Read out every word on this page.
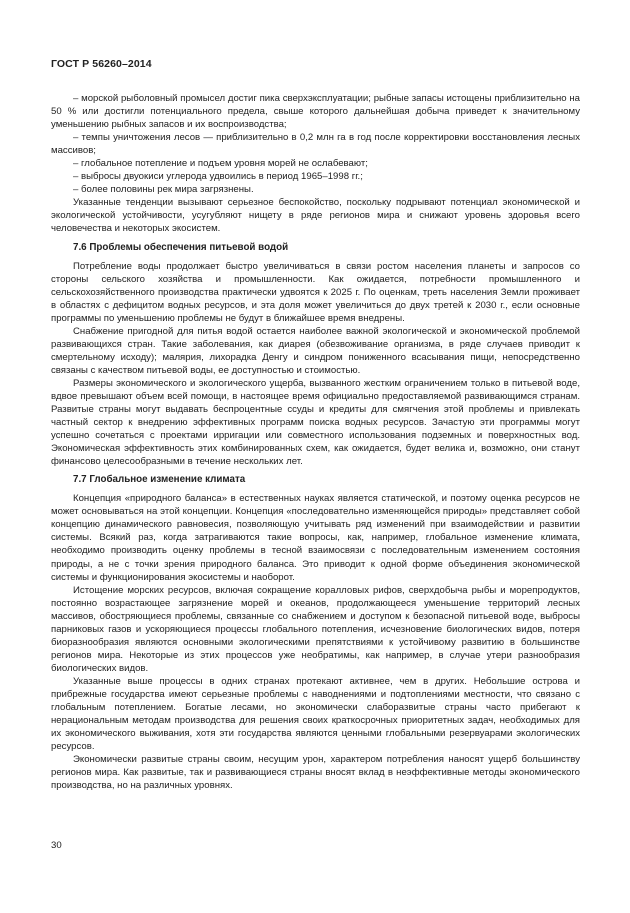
ГОСТ Р 56260–2014

– морской рыболовный промысел достиг пика сверхэксплуатации; рыбные запасы истощены приблизительно на 50 % или достигли потенциального предела, свыше которого дальнейшая добыча приведет к значительному уменьшению рыбных запасов и их воспроизводства;

– темпы уничтожения лесов — приблизительно в 0,2 млн га в год после корректировки восстановления лесных массивов;

– глобальное потепление и подъем уровня морей не ослабевают;

– выбросы двуокиси углерода удвоились в период 1965–1998 гг.;

– более половины рек мира загрязнены.

Указанные тенденции вызывают серьезное беспокойство, поскольку подрывают потенциал экономической и экологической устойчивости, усугубляют нищету в ряде регионов мира и снижают уровень здоровья всего человечества и некоторых экосистем.

7.6 Проблемы обеспечения питьевой водой

Потребление воды продолжает быстро увеличиваться в связи ростом населения планеты и запросов со стороны сельского хозяйства и промышленности. Как ожидается, потребности промышленного и сельскохозяйственного производства практически удвоятся к 2025 г. По оценкам, треть населения Земли проживает в областях с дефицитом водных ресурсов, и эта доля может увеличиться до двух третей к 2030 г., если основные программы по уменьшению проблемы не будут в ближайшее время внедрены.

Снабжение пригодной для питья водой остается наиболее важной экологической и экономической проблемой развивающихся стран. Такие заболевания, как диарея (обезвоживание организма, в ряде случаев приводит к смертельному исходу); малярия, лихорадка Денгу и синдром пониженного всасывания пищи, непосредственно связаны с качеством питьевой воды, ее доступностью и стоимостью.

Размеры экономического и экологического ущерба, вызванного жестким ограничением только в питьевой воде, вдвое превышают объем всей помощи, в настоящее время официально предоставляемой развивающимся странам. Развитые страны могут выдавать беспроцентные ссуды и кредиты для смягчения этой проблемы и привлекать частный сектор к внедрению эффективных программ поиска водных ресурсов. Зачастую эти программы могут успешно сочетаться с проектами ирригации или совместного использования подземных и поверхностных вод. Экономическая эффективность этих комбинированных схем, как ожидается, будет велика и, возможно, они станут финансово целесообразными в течение нескольких лет.

7.7 Глобальное изменение климата

Концепция «природного баланса» в естественных науках является статической, и поэтому оценка ресурсов не может основываться на этой концепции. Концепция «последовательно изменяющейся природы» представляет собой концепцию динамического равновесия, позволяющую учитывать ряд изменений при взаимодействии и развитии системы. Всякий раз, когда затрагиваются такие вопросы, как, например, глобальное изменение климата, необходимо производить оценку проблемы в тесной взаимосвязи с последовательным изменением состояния природы, а не с точки зрения природного баланса. Это приводит к одной форме объединения экономической системы и функционирования экосистемы и наоборот.

Истощение морских ресурсов, включая сокращение коралловых рифов, сверхдобыча рыбы и морепродуктов, постоянно возрастающее загрязнение морей и океанов, продолжающееся уменьшение территорий лесных массивов, обостряющиеся проблемы, связанные со снабжением и доступом к безопасной питьевой воде, выбросы парниковых газов и ускоряющиеся процессы глобального потепления, исчезновение биологических видов, потеря биоразнообразия являются основными экологическими препятствиями к устойчивому развитию в большинстве регионов мира. Некоторые из этих процессов уже необратимы, как например, в случае утери разнообразия биологических видов.

Указанные выше процессы в одних странах протекают активнее, чем в других. Небольшие острова и прибрежные государства имеют серьезные проблемы с наводнениями и подтоплениями местности, что связано с глобальным потеплением. Богатые лесами, но экономически слаборазвитые страны часто прибегают к нерациональным методам производства для решения своих краткосрочных приоритетных задач, необходимых для их экономического выживания, хотя эти государства являются ценными глобальными резервуарами экологических ресурсов.

Экономически развитые страны своим, несущим урон, характером потребления наносят ущерб большинству регионов мира. Как развитые, так и развивающиеся страны вносят вклад в неэффективные методы экономического производства, но на различных уровнях.

30
